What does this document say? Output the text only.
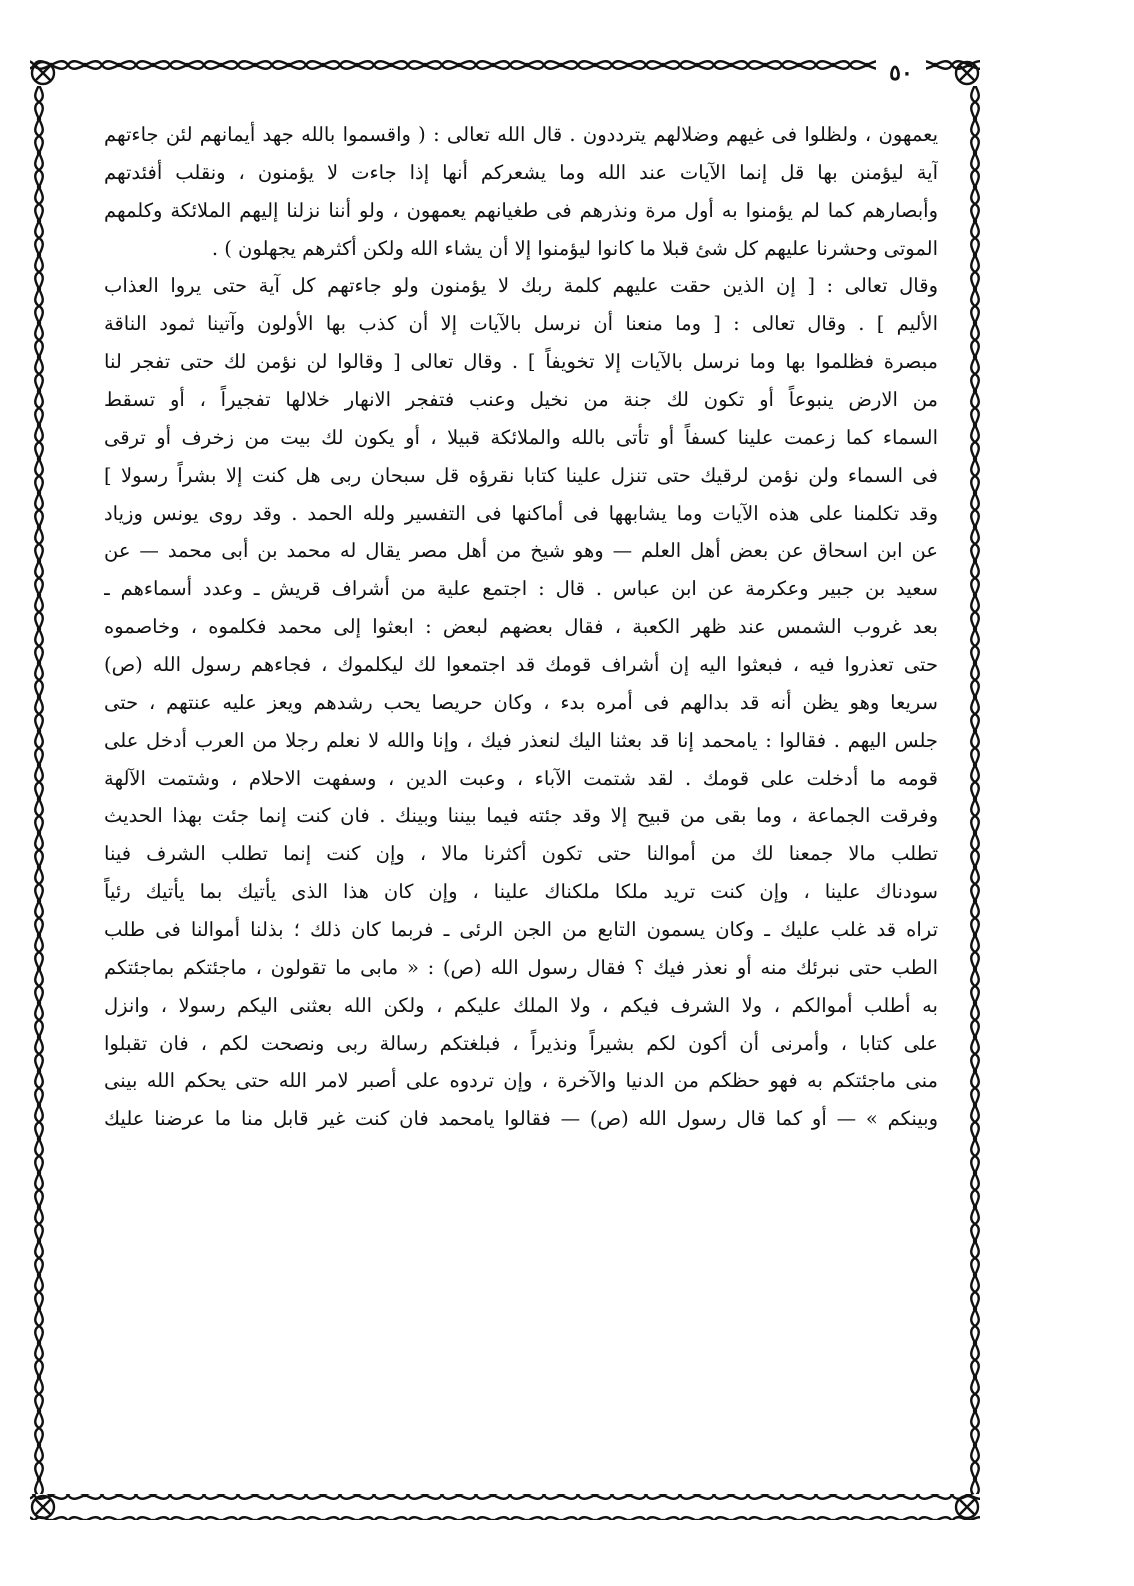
٥٠
يعمهون ، ولظلوا فى غيهم وضلالهم يترددون . قال الله تعالى : ( واقسموا بالله جهد أيمانهم لئن جاءتهم
آية ليؤمنن بها قل إنما الآيات عند الله وما يشعركم أنها إذا جاءت لا يؤمنون ، ونقلب أفئدتهم
وأبصارهم كما لم يؤمنوا به أول مرة ونذرهم فى طغيانهم يعمهون ، ولو أننا نزلنا إليهم الملائكة وكلمهم
الموتى وحشرنا عليهم كل شئ قبلا ما كانوا ليؤمنوا إلا أن يشاء الله ولكن أكثرهم يجهلون ) .
وقال تعالى : [ إن الذين حقت عليهم كلمة ربك لا يؤمنون ولو جاءتهم كل آية حتى يروا العذاب
الأليم ] . وقال تعالى : [ وما منعنا أن نرسل بالآيات إلا أن كذب بها الأولون وآتينا ثمود الناقة
مبصرة فظلموا بها وما نرسل بالآيات إلا تخويفاً ] . وقال تعالى [ وقالوا لن نؤمن لك حتى تفجر لنا
من الارض ينبوعاً أو تكون لك جنة من نخيل وعنب فتفجر الانهار خلالها تفجيراً ، أو تسقط
السماء كما زعمت علينا كسفاً أو تأتى بالله والملائكة قبيلا ، أو يكون لك بيت من زخرف أو ترقى
فى السماء ولن نؤمن لرقيك حتى تنزل علينا كتابا نقرؤه قل سبحان ربى هل كنت إلا بشراً رسولا ]
وقد تكلمنا على هذه الآيات وما يشابهها فى أماكنها فى التفسير ولله الحمد . وقد روى يونس وزياد
عن ابن اسحاق عن بعض أهل العلم — وهو شيخ من أهل مصر يقال له محمد بن أبى محمد — عن
سعيد بن جبير وعكرمة عن ابن عباس . قال : اجتمع علية من أشراف قريش ـ وعدد أسماءهم ـ
بعد غروب الشمس عند ظهر الكعبة ، فقال بعضهم لبعض : ابعثوا إلى محمد فكلموه ، وخاصموه
حتى تعذروا فيه ، فبعثوا اليه إن أشراف قومك قد اجتمعوا لك ليكلموك ، فجاءهم رسول الله (ص)
سريعا وهو يظن أنه قد بدالهم فى أمره بدء ، وكان حريصا يحب رشدهم ويعز عليه عنتهم ، حتى
جلس اليهم . فقالوا : يامحمد إنا قد بعثنا اليك لنعذر فيك ، وإنا والله لا نعلم رجلا من العرب أدخل على
قومه ما أدخلت على قومك . لقد شتمت الآباء ، وعبت الدين ، وسفهت الاحلام ، وشتمت الآلهة
وفرقت الجماعة ، وما بقى من قبيح إلا وقد جئته فيما بيننا وبينك . فان كنت إنما جئت بهذا الحديث
تطلب مالا جمعنا لك من أموالنا حتى تكون أكثرنا مالا ، وإن كنت إنما تطلب الشرف فينا
سودناك علينا ، وإن كنت تريد ملكا ملكناك علينا ، وإن كان هذا الذى يأتيك بما يأتيك رئياً
تراه قد غلب عليك ـ وكان يسمون التابع من الجن الرئى ـ فربما كان ذلك ؛ بذلنا أموالنا فى طلب
الطب حتى نبرئك منه أو نعذر فيك ؟ فقال رسول الله (ص) : « مابى ما تقولون ، ماجئتكم بماجئتكم
به أطلب أموالكم ، ولا الشرف فيكم ، ولا الملك عليكم ، ولكن الله بعثنى اليكم رسولا ، وانزل
على كتابا ، وأمرنى أن أكون لكم بشيراً ونذيراً ، فبلغتكم رسالة ربى ونصحت لكم ، فان تقبلوا
منى ماجئتكم به فهو حظكم من الدنيا والآخرة ، وإن تردوه على أصبر لامر الله حتى يحكم الله بينى
وبينكم » — أو كما قال رسول الله (ص) — فقالوا يامحمد فان كنت غير قابل منا ما عرضنا عليك
